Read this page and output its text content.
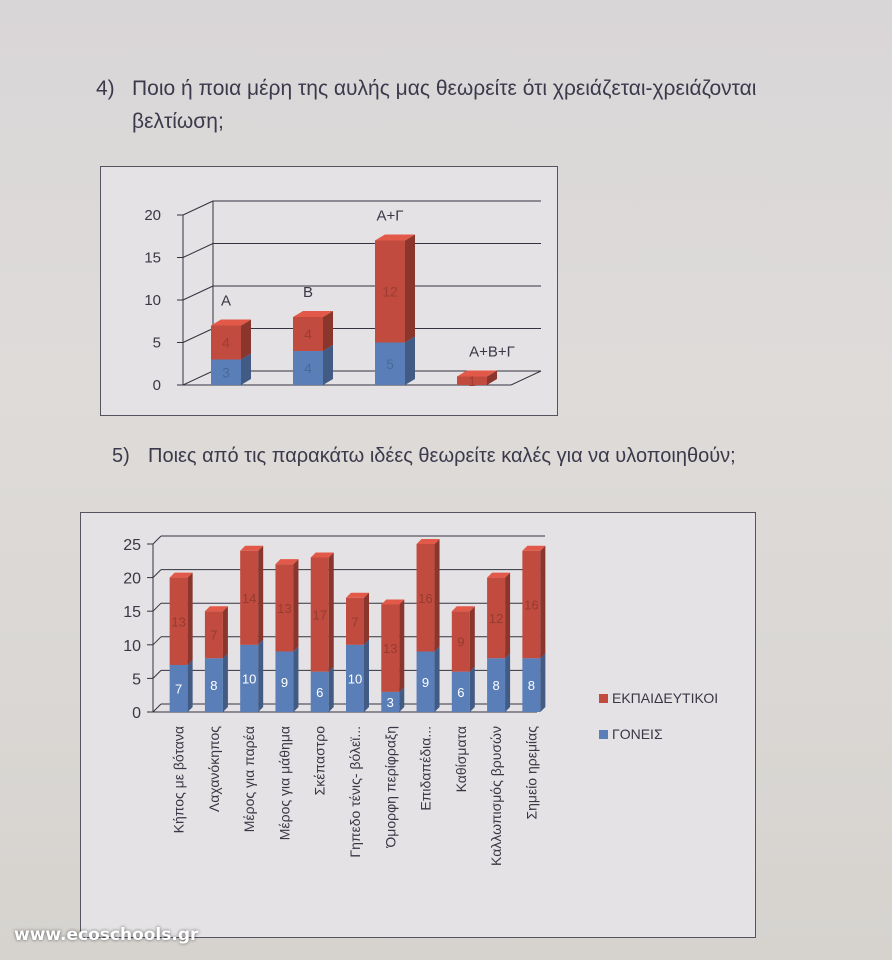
4) Ποιο ή ποια μέρη της αυλής μας θεωρείτε ότι χρειάζεται-χρειάζονται
βελτίωση;
0
5
10
15
20
3
4
A
4
4
B
5
12
A+Γ
1
A+B+Γ
5) Ποιες από τις παρακάτω ιδέες θεωρείτε καλές για να υλοποιηθούν;
0
5
10
15
20
25
7
13
Κήπος με βότανα
8
7
Λαχανόκηπος
10
14
Μέρος για παρέα
9
13
Μέρος για μάθημα
6
17
Σκέπαστρο
10
7
Γηπεδο τένις- βόλεϊ...
3
13
Όμορφη περίφραξη
9
16
Επιδαπέδια...
6
9
Καθίσματα
8
12
Καλλωπισμός βρυσών
8
16
Σημείο ηρεμίας
ΕΚΠΑΙΔΕΥΤΙΚΟΙ
ΓΟΝΕΙΣ
www.ecoschools.gr
